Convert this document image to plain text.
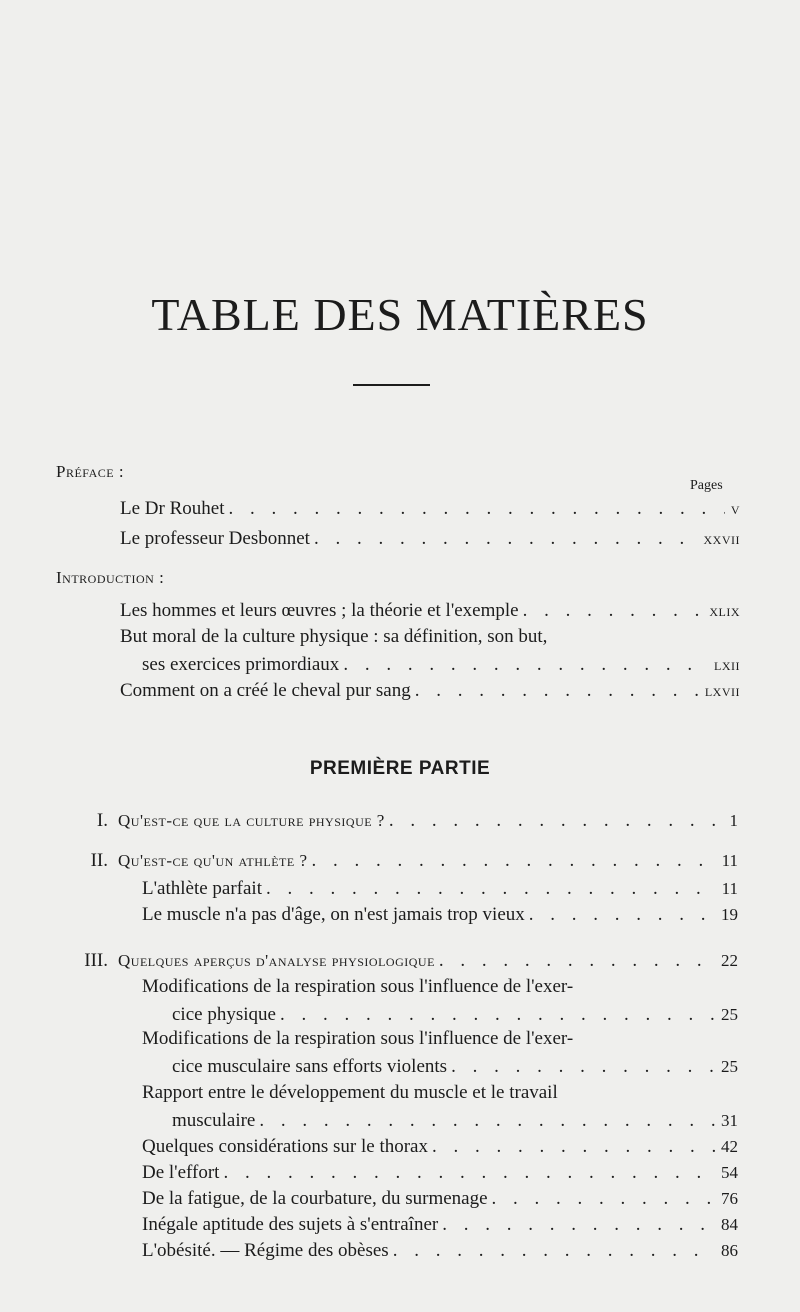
TABLE DES MATIÈRES
Pages
Préface :
Le Dr Rouhet . . .	v
Le professeur Desbonnet . . .	xxvii
Introduction :
Les hommes et leurs œuvres ; la théorie et l'exemple . . .	xlix
But moral de la culture physique : sa définition, son but,
ses exercices primordiaux . . .	lxii
Comment on a créé le cheval pur sang . . .	lxvii
PREMIÈRE PARTIE
I. Qu'est-ce que la culture physique ? . . .	1
II. Qu'est-ce qu'un athlète ? . . .	11
L'athlète parfait . . .	11
Le muscle n'a pas d'âge, on n'est jamais trop vieux . . .	19
III. Quelques aperçus d'analyse physiologique . . .	22
Modifications de la respiration sous l'influence de l'exer-
cice physique . . .	25
Modifications de la respiration sous l'influence de l'exer-
cice musculaire sans efforts violents . . .	25
Rapport entre le développement du muscle et le travail
musculaire . . .	31
Quelques considérations sur le thorax . . .	42
De l'effort . . .	54
De la fatigue, de la courbature, du surmenage . . .	76
Inégale aptitude des sujets à s'entraîner . . .	84
L'obésité. — Régime des obèses . . .	86
